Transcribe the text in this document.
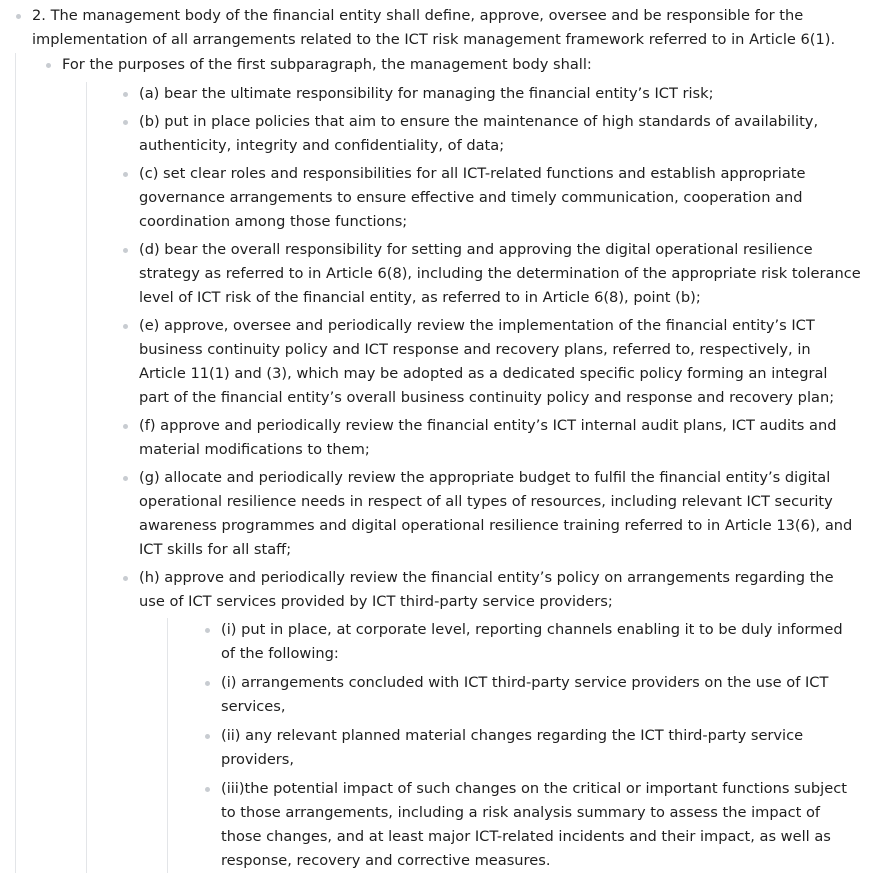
2. The management body of the financial entity shall define, approve, oversee and be responsible for the implementation of all arrangements related to the ICT risk management framework referred to in Article 6(1).
For the purposes of the first subparagraph, the management body shall:
(a) bear the ultimate responsibility for managing the financial entity’s ICT risk;
(b) put in place policies that aim to ensure the maintenance of high standards of availability, authenticity, integrity and confidentiality, of data;
(c) set clear roles and responsibilities for all ICT-related functions and establish appropriate governance arrangements to ensure effective and timely communication, cooperation and coordination among those functions;
(d) bear the overall responsibility for setting and approving the digital operational resilience strategy as referred to in Article 6(8), including the determination of the appropriate risk tolerance level of ICT risk of the financial entity, as referred to in Article 6(8), point (b);
(e) approve, oversee and periodically review the implementation of the financial entity’s ICT business continuity policy and ICT response and recovery plans, referred to, respectively, in Article 11(1) and (3), which may be adopted as a dedicated specific policy forming an integral part of the financial entity’s overall business continuity policy and response and recovery plan;
(f) approve and periodically review the financial entity’s ICT internal audit plans, ICT audits and material modifications to them;
(g) allocate and periodically review the appropriate budget to fulfil the financial entity’s digital operational resilience needs in respect of all types of resources, including relevant ICT security awareness programmes and digital operational resilience training referred to in Article 13(6), and ICT skills for all staff;
(h) approve and periodically review the financial entity’s policy on arrangements regarding the use of ICT services provided by ICT third-party service providers;
(i) put in place, at corporate level, reporting channels enabling it to be duly informed of the following:
(i) arrangements concluded with ICT third-party service providers on the use of ICT services,
(ii) any relevant planned material changes regarding the ICT third-party service providers,
(iii)the potential impact of such changes on the critical or important functions subject to those arrangements, including a risk analysis summary to assess the impact of those changes, and at least major ICT-related incidents and their impact, as well as response, recovery and corrective measures.
